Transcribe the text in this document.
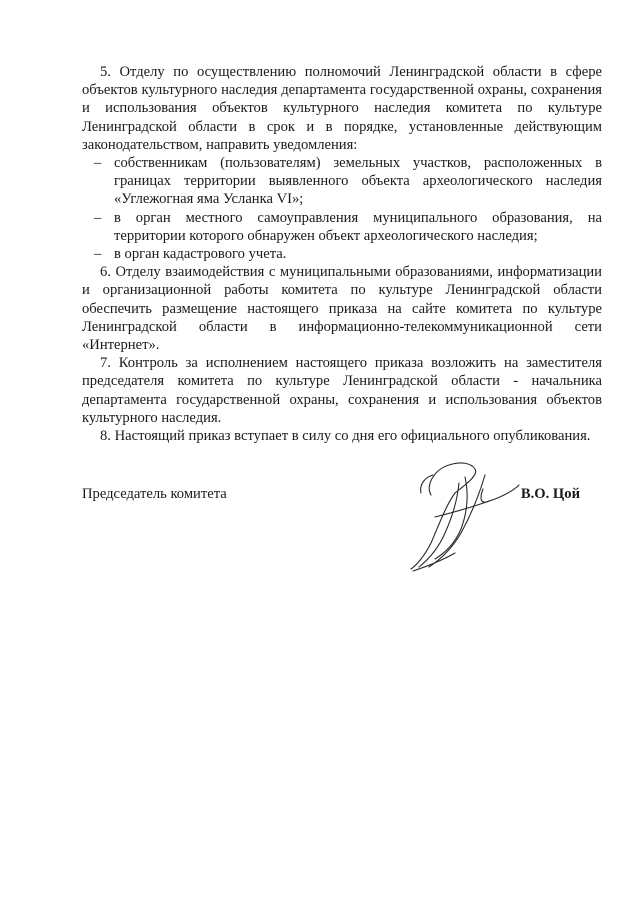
5. Отделу по осуществлению полномочий Ленинградской области в сфере объектов культурного наследия департамента государственной охраны, сохранения и использования объектов культурного наследия комитета по культуре Ленинградской области в срок и в порядке, установленные действующим законодательством, направить уведомления:

– собственникам (пользователям) земельных участков, расположенных в границах территории выявленного объекта археологического наследия «Углежогная яма Усланка VI»;
– в орган местного самоуправления муниципального образования, на территории которого обнаружен объект археологического наследия;
– в орган кадастрового учета.

6. Отделу взаимодействия с муниципальными образованиями, информатизации и организационной работы комитета по культуре Ленинградской области обеспечить размещение настоящего приказа на сайте комитета по культуре Ленинградской области в информационно-телекоммуникационной сети «Интернет».

7. Контроль за исполнением настоящего приказа возложить на заместителя председателя комитета по культуре Ленинградской области - начальника департамента государственной охраны, сохранения и использования объектов культурного наследия.

8. Настоящий приказ вступает в силу со дня его официального опубликования.

Председатель комитета	В.О. Цой
